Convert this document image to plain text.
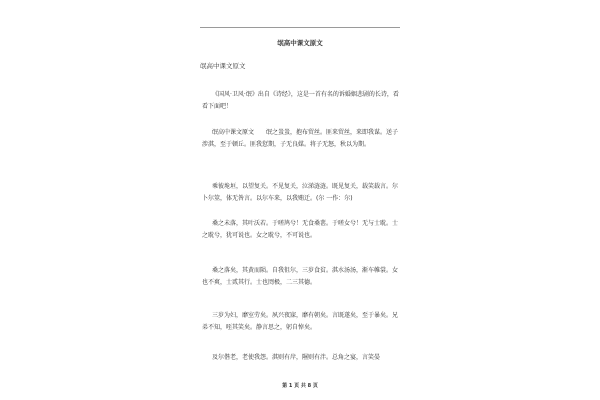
氓高中课文原文
氓高中课文原文

《国风·卫风·氓》出自《诗经》，这是一首有名的诉婚姻悲剧的长诗，看看下面吧！

氓高中课文原文　　氓之蚩蚩，抱布贸丝。匪来贸丝，来即我谋。送子涉淇，至于顿丘。匪我愆期，子无良媒。将子无怒，秋以为期。

乘彼垝垣，以望复关。不见复关，泣涕涟涟。既见复关，载笑载言。尔卜尔筮，体无咎言。以尔车来，以我贿迁。(尔 一作：尔)

桑之未落，其叶沃若。于嗟鸠兮！无食桑葚。于嗟女兮！无与士耽。士之耽兮，犹可说也。女之耽兮，不可说也。

桑之落矣，其黄而陨。自我徂尔，三岁食贫。淇水汤汤，渐车帷裳。女也不爽，士贰其行。士也罔极，二三其德。

三岁为妇，靡室劳矣。夙兴夜寐，靡有朝矣。言既遂矣，至于暴矣。兄弟不知，咥其笑矣。静言思之，躬自悼矣。

及尔偕老，老使我怨。淇则有岸，隰则有泮。总角之宴，言笑晏

第 1 页 共 8 页
